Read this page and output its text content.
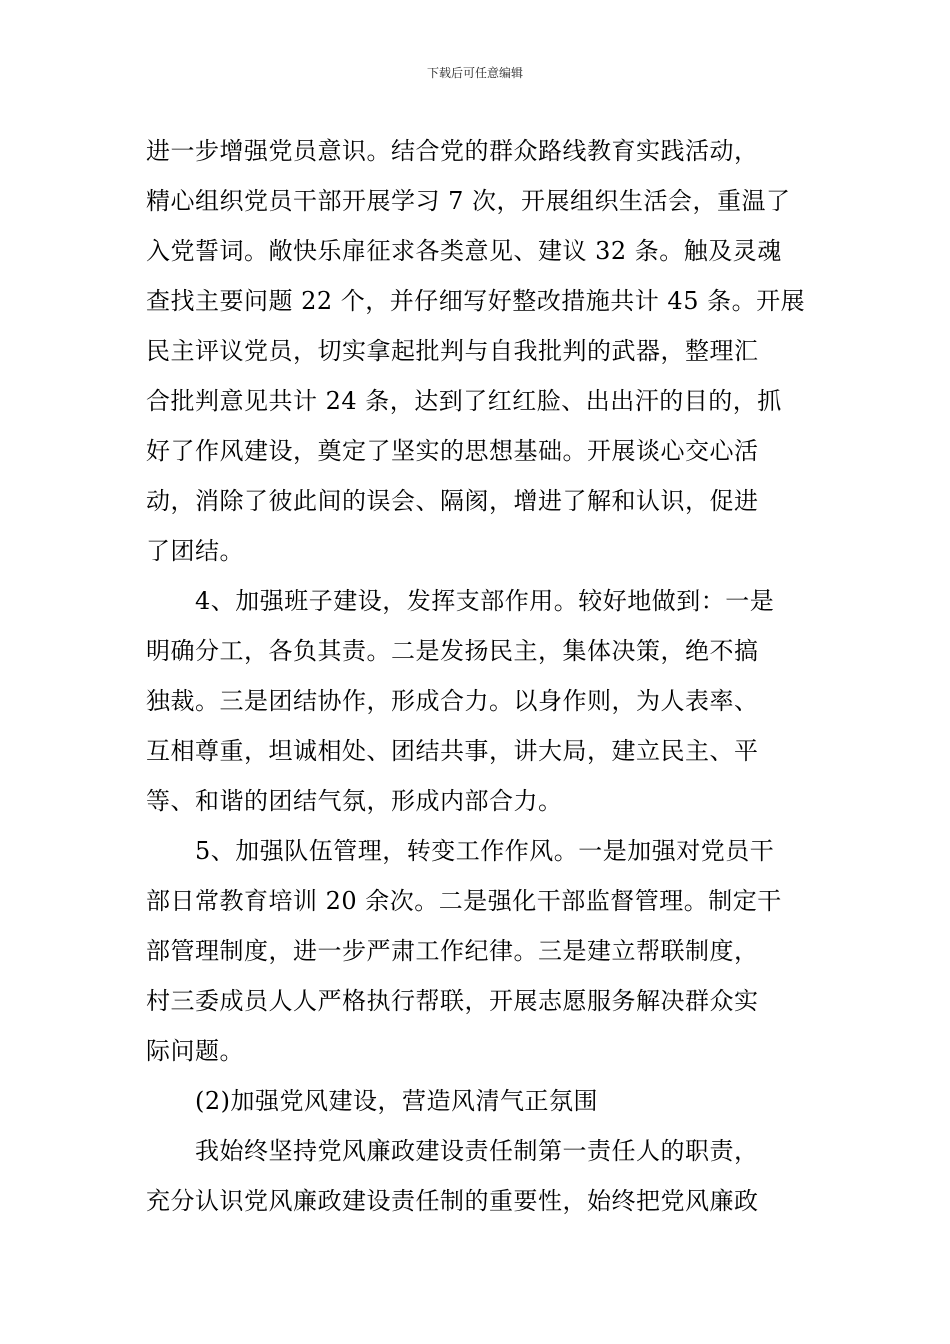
下载后可任意编辑
进一步增强党员意识。结合党的群众路线教育实践活动，
精心组织党员干部开展学习 7 次，开展组织生活会，重温了
入党誓词。敞快乐扉征求各类意见、建议 32 条。触及灵魂
查找主要问题 22 个，并仔细写好整改措施共计 45 条。开展
民主评议党员，切实拿起批判与自我批判的武器，整理汇
合批判意见共计 24 条，达到了红红脸、出出汗的目的，抓
好了作风建设，奠定了坚实的思想基础。开展谈心交心活
动，消除了彼此间的误会、隔阂，增进了解和认识，促进
了团结。
4、加强班子建设，发挥支部作用。较好地做到：一是
明确分工，各负其责。二是发扬民主，集体决策，绝不搞
独裁。三是团结协作，形成合力。以身作则，为人表率、
互相尊重，坦诚相处、团结共事，讲大局，建立民主、平
等、和谐的团结气氛，形成内部合力。
5、加强队伍管理，转变工作作风。一是加强对党员干
部日常教育培训 20 余次。二是强化干部监督管理。制定干
部管理制度，进一步严肃工作纪律。三是建立帮联制度，
村三委成员人人严格执行帮联，开展志愿服务解决群众实
际问题。
(2)加强党风建设，营造风清气正氛围
我始终坚持党风廉政建设责任制第一责任人的职责，
充分认识党风廉政建设责任制的重要性，始终把党风廉政
